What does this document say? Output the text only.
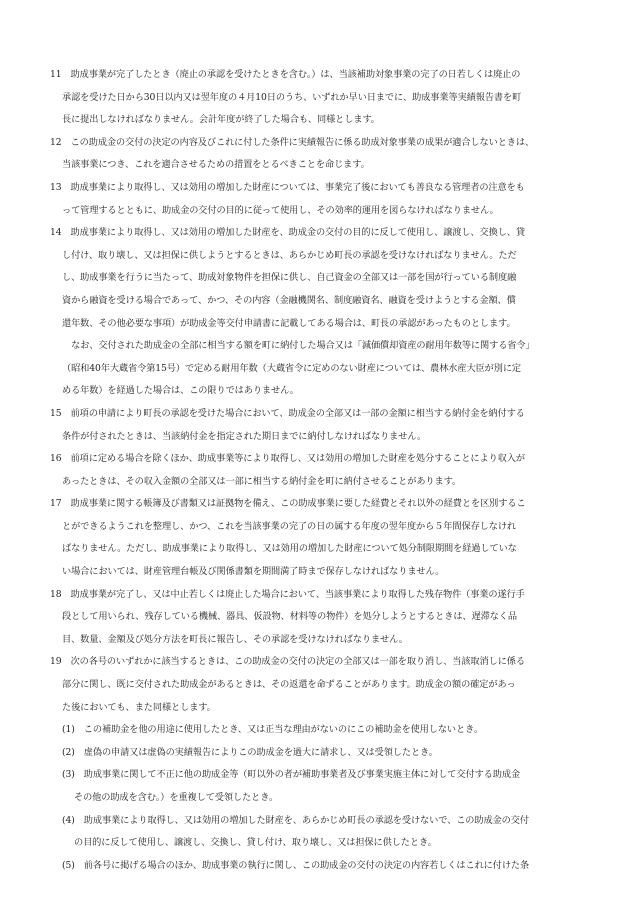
11　助成事業が完了したとき（廃止の承認を受けたときを含む。）は、当該補助対象事業の完了の日若しくは廃止の
承認を受けた日から30日以内又は翌年度の４月10日のうち、いずれか早い日までに、助成事業等実績報告書を町
長に提出しなければなりません。会計年度が終了した場合も、同様とします。
12　この助成金の交付の決定の内容及びこれに付した条件に実績報告に係る助成対象事業の成果が適合しないときは、
当該事業につき、これを適合させるための措置をとるべきことを命じます。
13　助成事業により取得し、又は効用の増加した財産については、事業完了後においても善良なる管理者の注意をも
って管理するとともに、助成金の交付の目的に従って使用し、その効率的運用を図らなければなりません。
14　助成事業により取得し、又は効用の増加した財産を、助成金の交付の目的に反して使用し、譲渡し、交換し、貸
し付け、取り壊し、又は担保に供しようとするときは、あらかじめ町長の承認を受けなければなりません。ただ
し、助成事業を行うに当たって、助成対象物件を担保に供し、自己資金の全部又は一部を国が行っている制度融
資から融資を受ける場合であって、かつ、その内容（金融機関名、制度融資名、融資を受けようとする金額、償
還年数、その他必要な事項）が助成金等交付申請書に記載してある場合は、町長の承認があったものとします。
　なお、交付された助成金の全部に相当する額を町に納付した場合又は「減価償却資産の耐用年数等に関する省令」
（昭和40年大蔵省令第15号）で定める耐用年数（大蔵省令に定めのない財産については、農林水産大臣が別に定
める年数）を経過した場合は、この限りではありません。
15　前項の申請により町長の承認を受けた場合において、助成金の全部又は一部の金額に相当する納付金を納付する
条件が付されたときは、当該納付金を指定された期日までに納付しなければなりません。
16　前項に定める場合を除くほか、助成事業等により取得し、又は効用の増加した財産を処分することにより収入が
あったときは、その収入金額の全部又は一部に相当する納付金を町に納付させることがあります。
17　助成事業に関する帳簿及び書類又は証拠物を備え、この助成事業に要した経費とそれ以外の経費とを区別するこ
とができるようこれを整理し、かつ、これを当該事業の完了の日の属する年度の翌年度から５年間保存しなけれ
ばなりません。ただし、助成事業により取得し、又は効用の増加した財産について処分制限期間を経過していな
い場合においては、財産管理台帳及び関係書類を期間満了時まで保存しなければなりません。
18　助成事業が完了し、又は中止若しくは廃止した場合において、当該事業により取得した残存物件（事業の遂行手
段として用いられ、残存している機械、器具、仮設物、材料等の物件）を処分しようとするときは、遅滞なく品
目、数量、金額及び処分方法を町長に報告し、その承認を受けなければなりません。
19　次の各号のいずれかに該当するときは、この助成金の交付の決定の全部又は一部を取り消し、当該取消しに係る
部分に関し、既に交付された助成金があるときは、その返還を命ずることがあります。助成金の額の確定があっ
た後においても、また同様とします。
(1)　この補助金を他の用途に使用したとき、又は正当な理由がないのにこの補助金を使用しないとき。
(2)　虚偽の申請又は虚偽の実績報告によりこの助成金を過大に請求し、又は受領したとき。
(3)　助成事業に関して不正に他の助成金等（町以外の者が補助事業者及び事業実施主体に対して交付する助成金
その他の助成を含む。）を重複して受領したとき。
(4)　助成事業により取得し、又は効用の増加した財産を、あらかじめ町長の承認を受けないで、この助成金の交付
の目的に反して使用し、譲渡し、交換し、貸し付け、取り壊し、又は担保に供したとき。
(5)　前各号に掲げる場合のほか、助成事業の執行に関し、この助成金の交付の決定の内容若しくはこれに付けた条
